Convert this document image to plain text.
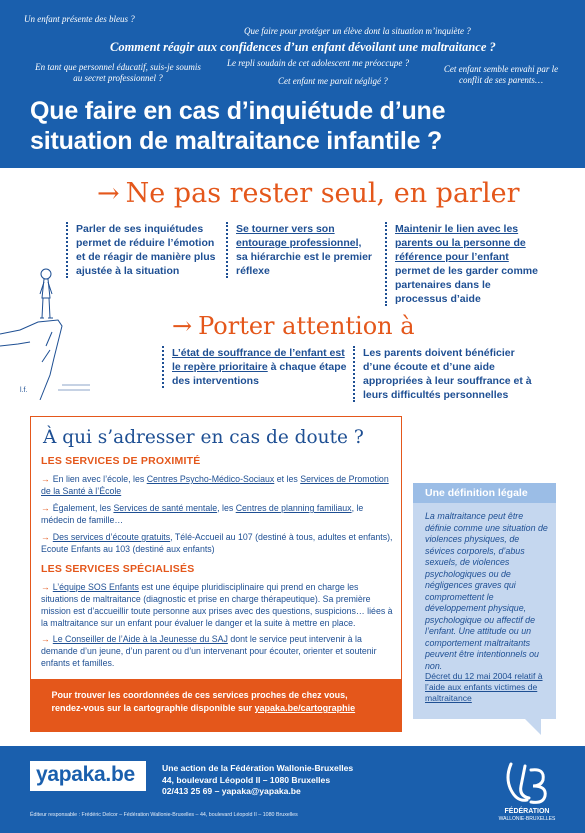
Un enfant présente des bleus ?
Que faire pour protéger un élève dont la situation m’inquiète ?
Comment réagir aux confidences d’un enfant dévoilant une maltraitance ?
En tant que personnel éducatif, suis-je soumis au secret professionnel ?
Le repli soudain de cet adolescent me préoccupe ?
Cet enfant me parait négligé ?
Cet enfant semble envahi par le conflit de ses parents…
Que faire en cas d’inquiétude d’une
situation de maltraitance infantile ?
→ Ne pas rester seul, en parler
Parler de ses inquiétudes permet de réduire l’émotion et de réagir de manière plus ajustée à la situation
Se tourner vers son entourage professionnel, sa hiérarchie est le premier réflexe
Maintenir le lien avec les parents ou la personne de référence pour l’enfant permet de les garder comme partenaires dans le processus d’aide
l.f.
→ Porter attention à
L’état de souffrance de l’enfant est le repère prioritaire à chaque étape des interventions
Les parents doivent bénéficier d’une écoute et d’une aide appropriées à leur souffrance et à leurs difficultés personnelles
À qui s’adresser en cas de doute ?
LES SERVICES DE PROXIMITÉ
→ En lien avec l’école, les Centres Psycho-Médico-Sociaux et les Services de Promotion de la Santé à l’École
→ Également, les Services de santé mentale, les Centres de planning familiaux, le médecin de famille…
→ Des services d’écoute gratuits, Télé-Accueil au 107 (destiné à tous, adultes et enfants), Ecoute Enfants au 103 (destiné aux enfants)
LES SERVICES SPÉCIALISÉS
→ L’équipe SOS Enfants est une équipe pluridisciplinaire qui prend en charge les situations de maltraitance (diagnostic et prise en charge thérapeutique). Sa première mission est d’accueillir toute personne aux prises avec des questions, suspicions… liées à la maltraitance sur un enfant pour évaluer le danger et la suite à mettre en place.
→ Le Conseiller de l’Aide à la Jeunesse du SAJ dont le service peut intervenir à la demande d’un jeune, d’un parent ou d’un intervenant pour écouter, orienter et soutenir enfants et familles.
Pour trouver les coordonnées de ces services proches de chez vous,
rendez-vous sur la cartographie disponible sur yapaka.be/cartographie
Une définition légale
La maltraitance peut être définie comme une situation de violences physiques, de sévices corporels, d’abus sexuels, de violences psychologiques ou de négligences graves qui compromettent le développement physique, psychologique ou affectif de l’enfant. Une attitude ou un comportement maltraitants peuvent être intentionnels ou non.
Décret du 12 mai 2004 relatif à l’aide aux enfants victimes de maltraitance
yapaka.be	Une action de la Fédération Wallonie-Bruxelles
44, boulevard Léopold II – 1080 Bruxelles
02/413 25 69 – yapaka@yapaka.be
Éditeur responsable : Frédéric Delcor – Fédération Wallonie-Bruxelles – 44, boulevard Léopold II – 1080 Bruxelles	FÉDÉRATION
WALLONIE-BRUXELLES
